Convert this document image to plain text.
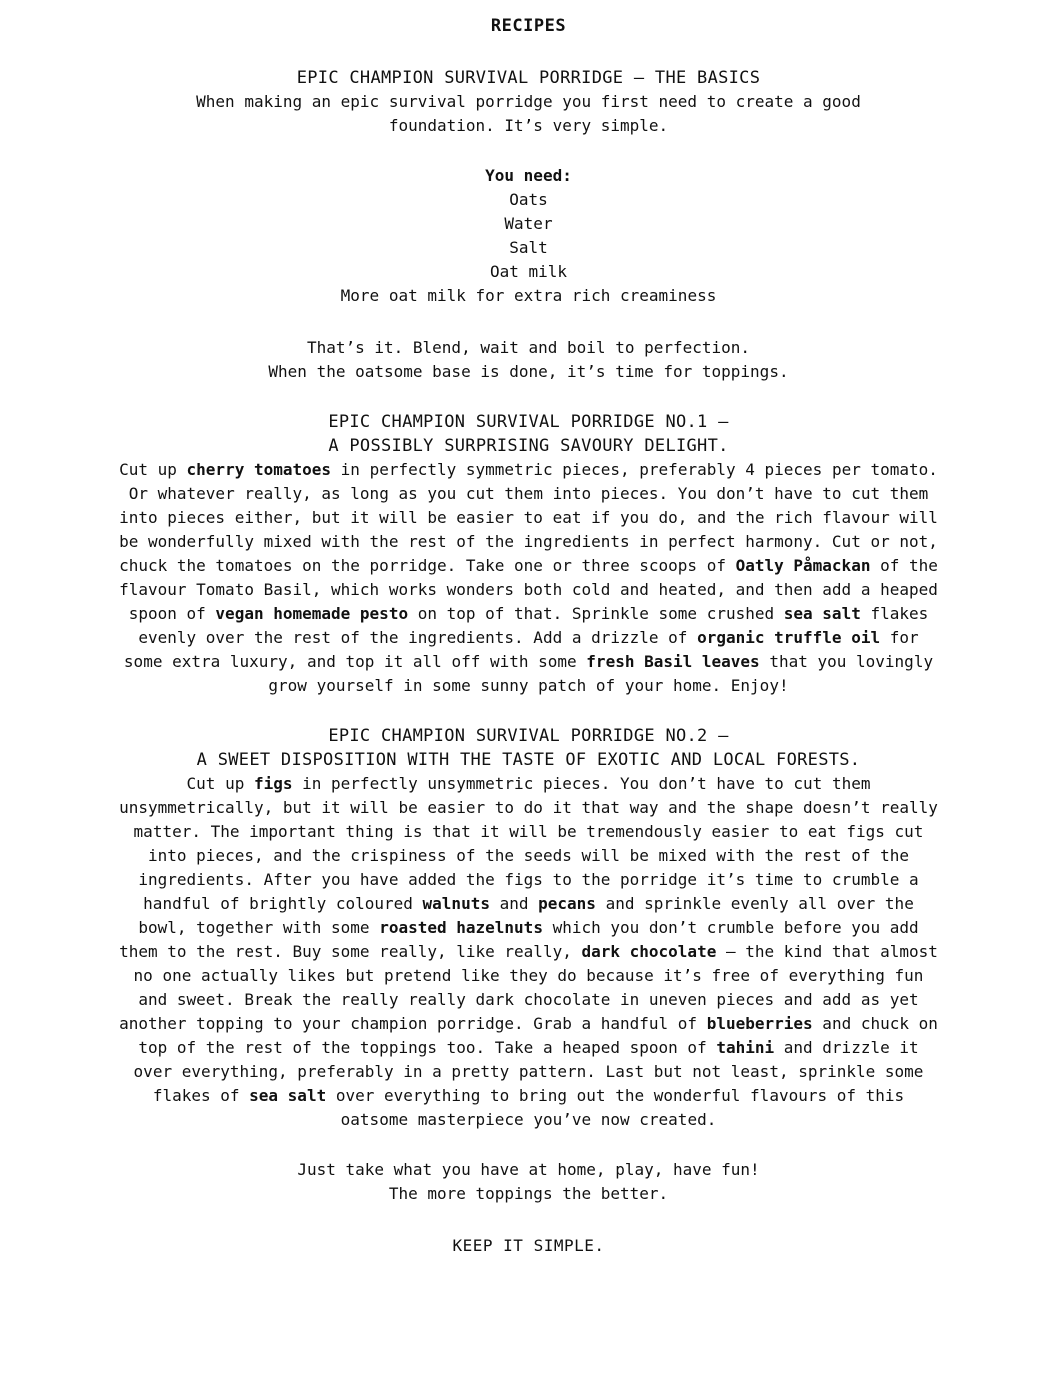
RECIPES
EPIC CHAMPION SURVIVAL PORRIDGE – THE BASICS

When making an epic survival porridge you first need to create a good foundation. It’s very simple.

You need:
Oats
Water
Salt
Oat milk
More oat milk for extra rich creaminess
That’s it. Blend, wait and boil to perfection.
When the oatsome base is done, it’s time for toppings.
EPIC CHAMPION SURVIVAL PORRIDGE NO.1 –
A POSSIBLY SURPRISING SAVOURY DELIGHT.

Cut up cherry tomatoes in perfectly symmetric pieces, preferably 4 pieces per tomato. Or whatever really, as long as you cut them into pieces. You don’t have to cut them into pieces either, but it will be easier to eat if you do, and the rich flavour will be wonderfully mixed with the rest of the ingredients in perfect harmony. Cut or not, chuck the tomatoes on the porridge. Take one or three scoops of Oatly Påmackan of the flavour Tomato Basil, which works wonders both cold and heated, and then add a heaped spoon of vegan homemade pesto on top of that. Sprinkle some crushed sea salt flakes evenly over the rest of the ingredients. Add a drizzle of organic truffle oil for some extra luxury, and top it all off with some fresh Basil leaves that you lovingly grow yourself in some sunny patch of your home. Enjoy!

EPIC CHAMPION SURVIVAL PORRIDGE NO.2 –
A SWEET DISPOSITION WITH THE TASTE OF EXOTIC AND LOCAL FORESTS.

Cut up figs in perfectly unsymmetric pieces. You don’t have to cut them unsymmetrically, but it will be easier to do it that way and the shape doesn’t really matter. The important thing is that it will be tremendously easier to eat figs cut into pieces, and the crispiness of the seeds will be mixed with the rest of the ingredients. After you have added the figs to the porridge it’s time to crumble a handful of brightly coloured walnuts and pecans and sprinkle evenly all over the bowl, together with some roasted hazelnuts which you don’t crumble before you add them to the rest. Buy some really, like really, dark chocolate – the kind that almost no one actually likes but pretend like they do because it’s free of everything fun and sweet. Break the really really dark chocolate in uneven pieces and add as yet another topping to your champion porridge. Grab a handful of blueberries and chuck on top of the rest of the toppings too. Take a heaped spoon of tahini and drizzle it over everything, preferably in a pretty pattern. Last but not least, sprinkle some flakes of sea salt over everything to bring out the wonderful flavours of this oatsome masterpiece you’ve now created.

Just take what you have at home, play, have fun!
The more toppings the better.
KEEP IT SIMPLE.
